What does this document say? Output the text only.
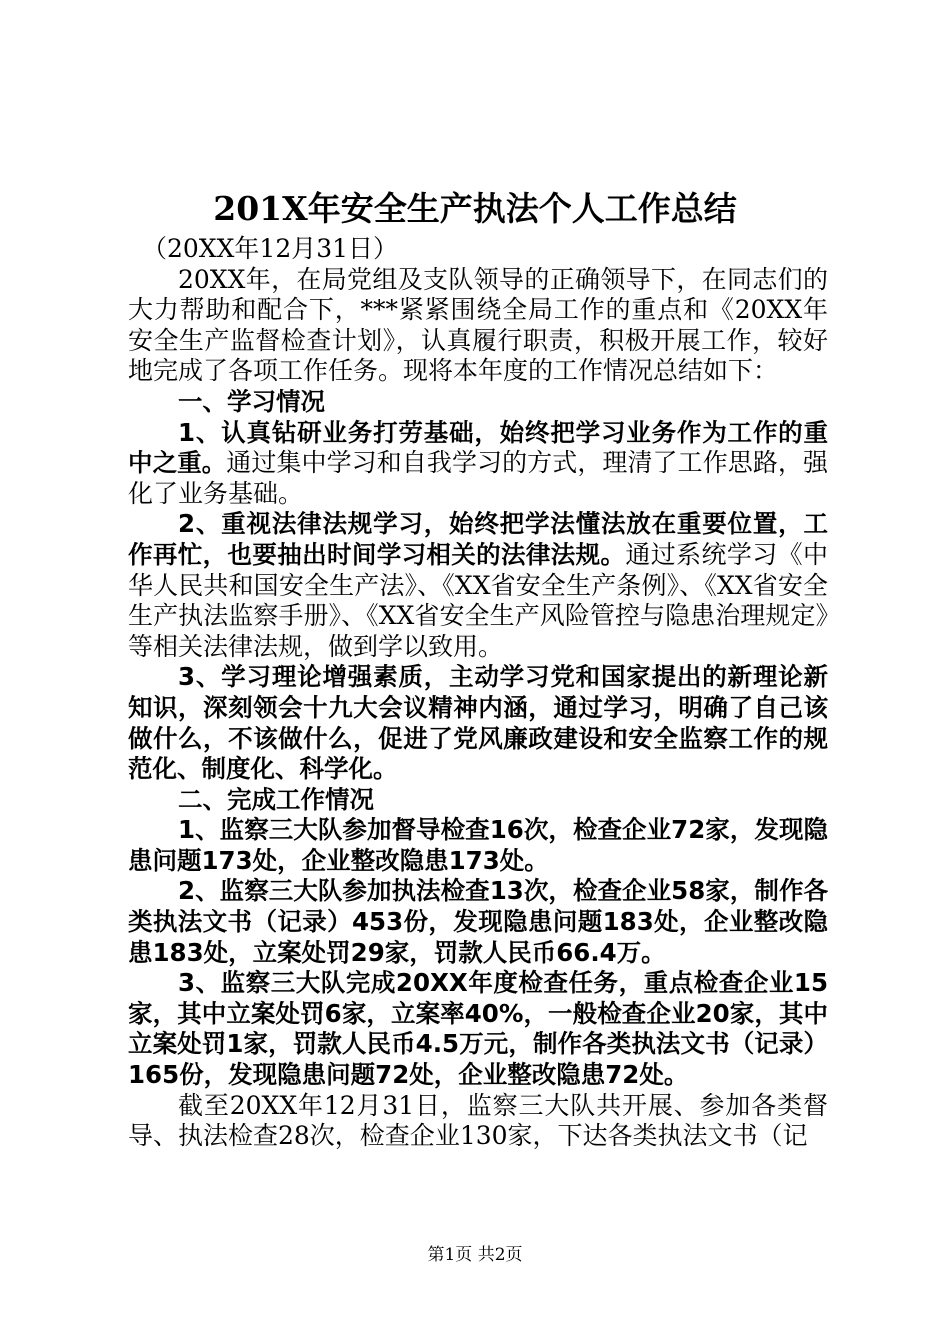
201X年安全生产执法个人工作总结

（20XX年12月31日）

20XX年，在局党组及支队领导的正确领导下，在同志们的大力帮助和配合下，***紧紧围绕全局工作的重点和《20XX年安全生产监督检查计划》，认真履行职责，积极开展工作，较好地完成了各项工作任务。现将本年度的工作情况总结如下：

一、学习情况

1、认真钻研业务打劳基础，始终把学习业务作为工作的重中之重。通过集中学习和自我学习的方式，理清了工作思路，强化了业务基础。

2、重视法律法规学习，始终把学法懂法放在重要位置，工作再忙，也要抽出时间学习相关的法律法规。通过系统学习《中华人民共和国安全生产法》、《XX省安全生产条例》、《XX省安全生产执法监察手册》、《XX省安全生产风险管控与隐患治理规定》等相关法律法规，做到学以致用。

3、学习理论增强素质，主动学习党和国家提出的新理论新知识，深刻领会十九大会议精神内涵，通过学习，明确了自己该做什么，不该做什么，促进了党风廉政建设和安全监察工作的规范化、制度化、科学化。

二、完成工作情况

1、监察三大队参加督导检查16次，检查企业72家，发现隐患问题173处，企业整改隐患173处。

2、监察三大队参加执法检查13次，检查企业58家，制作各类执法文书（记录）453份，发现隐患问题183处，企业整改隐患183处，立案处罚29家，罚款人民币66.4万。

3、监察三大队完成20XX年度检查任务，重点检查企业15家，其中立案处罚6家，立案率40%，一般检查企业20家，其中立案处罚1家，罚款人民币4.5万元，制作各类执法文书（记录）165份，发现隐患问题72处，企业整改隐患72处。

截至20XX年12月31日，监察三大队共开展、参加各类督导、执法检查28次，检查企业130家，下达各类执法文书（记

第1页 共2页
